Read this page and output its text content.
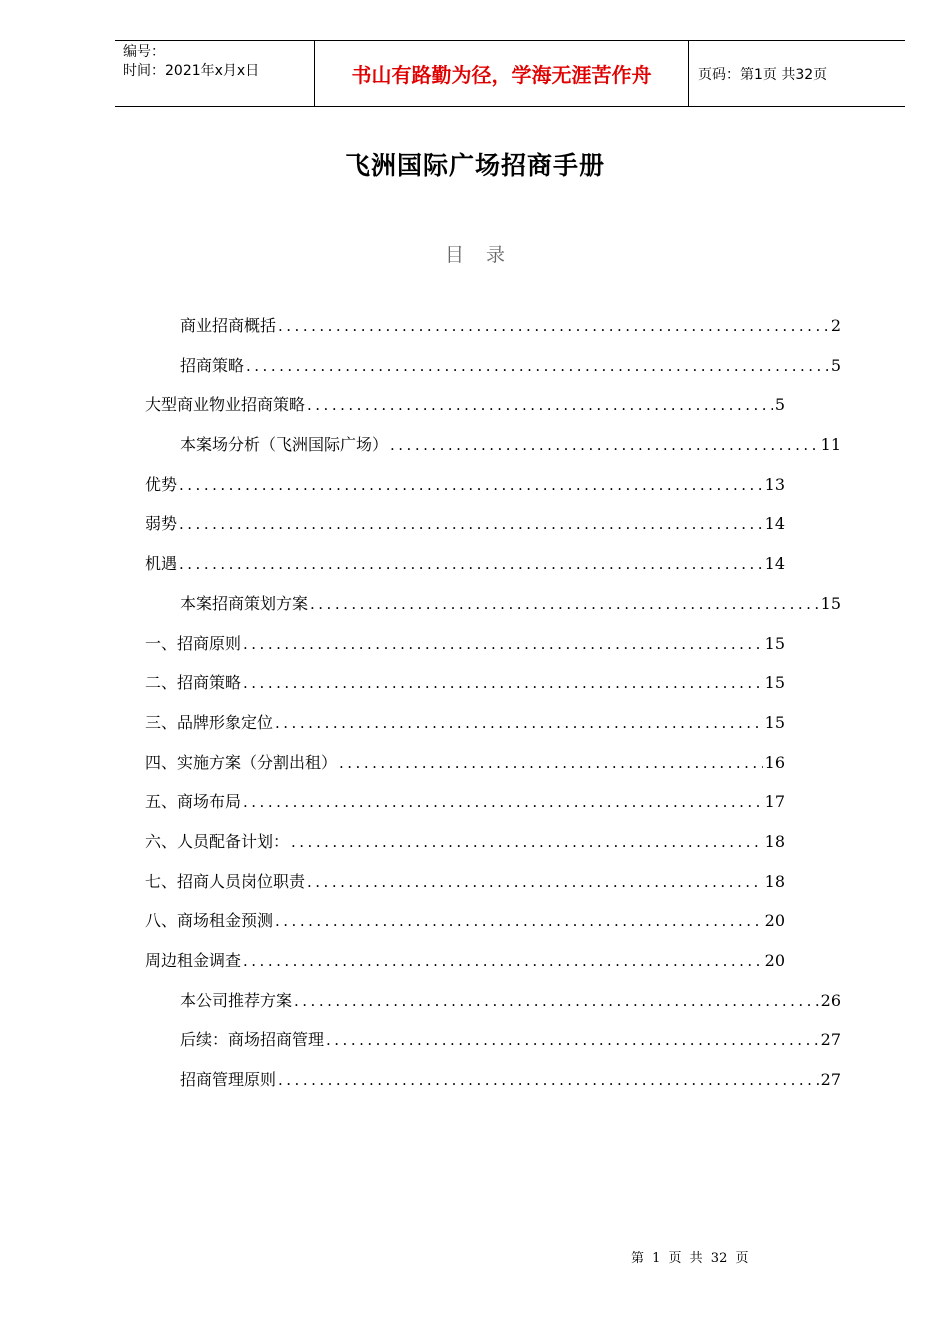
编号：
时间：2021年x月x日	书山有路勤为径，学海无涯苦作舟	页码：第1页 共32页
飞洲国际广场招商手册
目录
商业招商概括 .....	2
招商策略 .....	5
大型商业物业招商策略 .....	5
本案场分析（飞洲国际广场） .....	11
优势 .....	13
弱势 .....	14
机遇 .....	14
本案招商策划方案 .....	15
一、招商原则 .....	15
二、招商策略 .....	15
三、品牌形象定位 .....	15
四、实施方案（分割出租） .....	16
五、商场布局 .....	17
六、人员配备计划： .....	18
七、招商人员岗位职责 .....	18
八、商场租金预测 .....	20
周边租金调查 .....	20
本公司推荐方案 .....	26
后续：商场招商管理 .....	27
招商管理原则 .....	27
第 1 页 共 32 页
